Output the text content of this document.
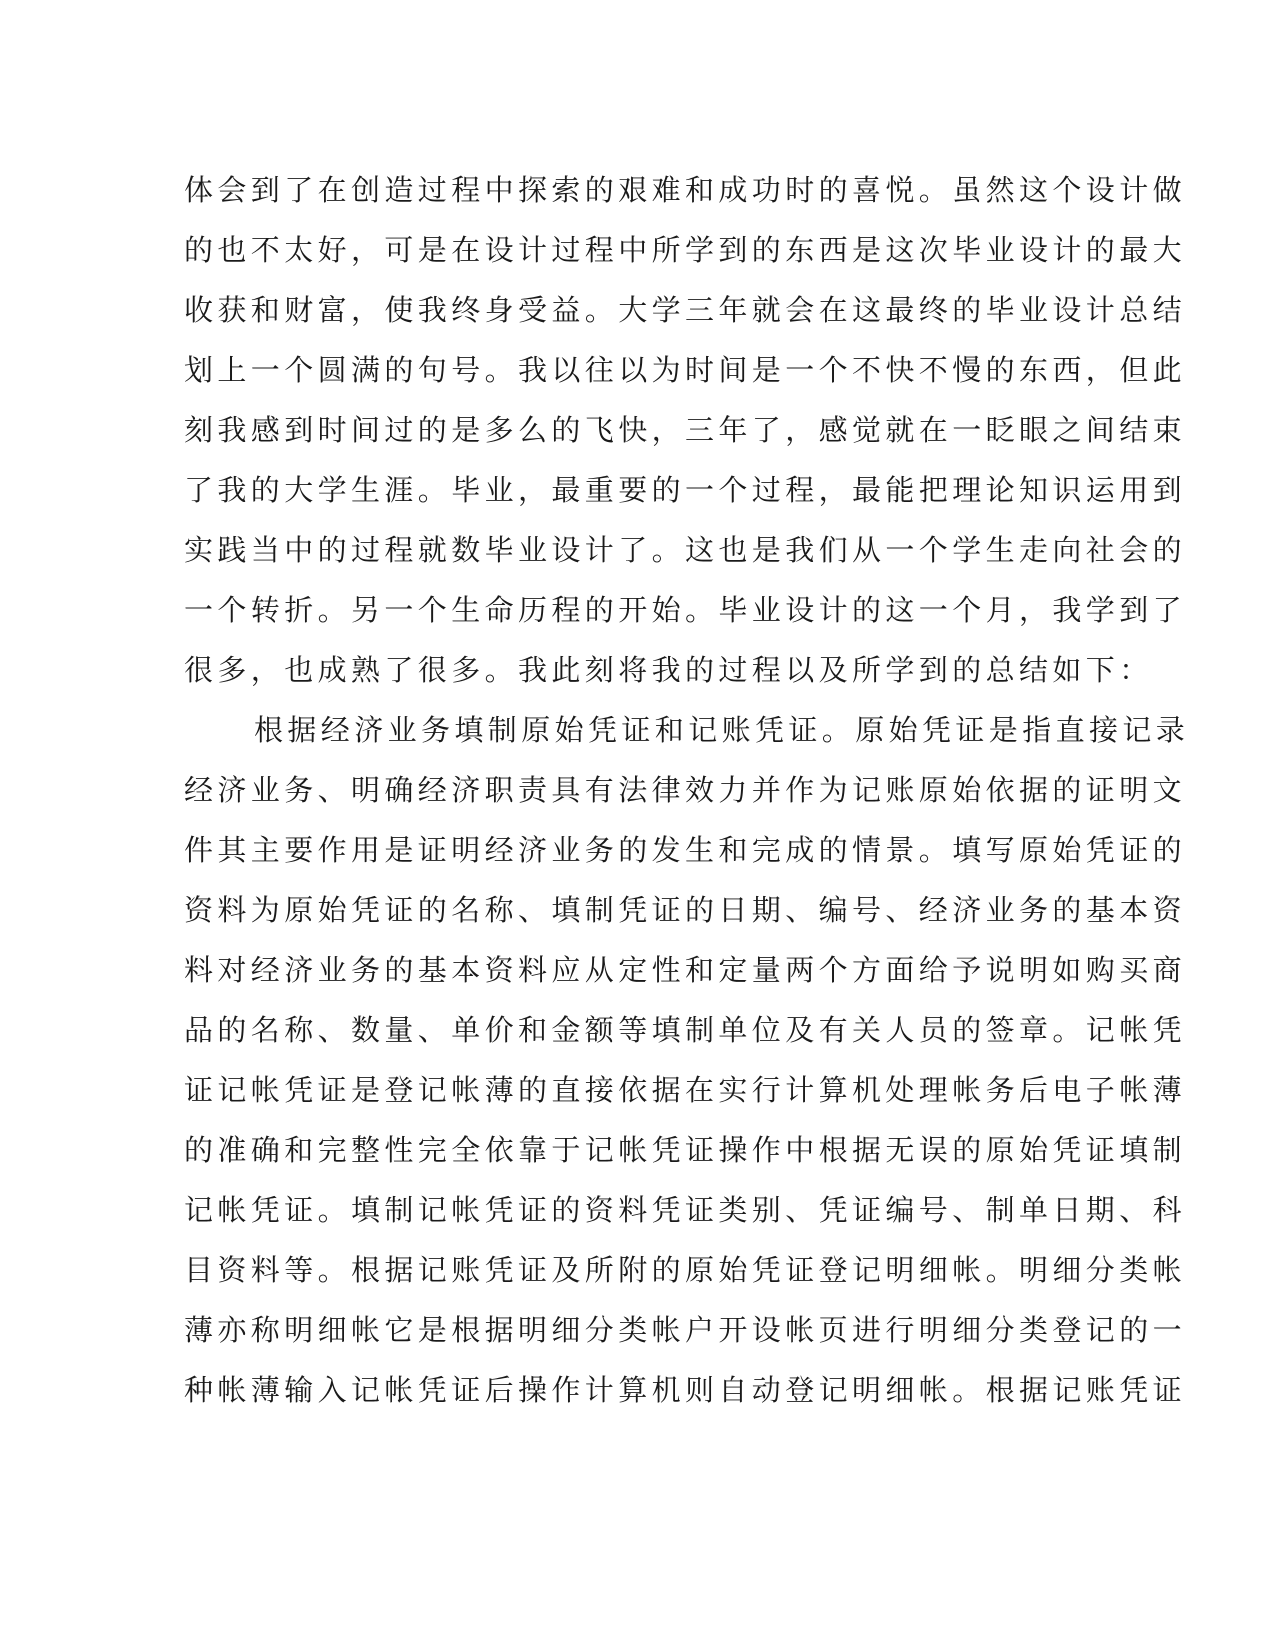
体会到了在创造过程中探索的艰难和成功时的喜悦。虽然这个设计做
的也不太好，可是在设计过程中所学到的东西是这次毕业设计的最大
收获和财富，使我终身受益。大学三年就会在这最终的毕业设计总结
划上一个圆满的句号。我以往以为时间是一个不快不慢的东西，但此
刻我感到时间过的是多么的飞快，三年了，感觉就在一眨眼之间结束
了我的大学生涯。毕业，最重要的一个过程，最能把理论知识运用到
实践当中的过程就数毕业设计了。这也是我们从一个学生走向社会的
一个转折。另一个生命历程的开始。毕业设计的这一个月，我学到了
很多，也成熟了很多。我此刻将我的过程以及所学到的总结如下：
根据经济业务填制原始凭证和记账凭证。原始凭证是指直接记录
经济业务、明确经济职责具有法律效力并作为记账原始依据的证明文
件其主要作用是证明经济业务的发生和完成的情景。填写原始凭证的
资料为原始凭证的名称、填制凭证的日期、编号、经济业务的基本资
料对经济业务的基本资料应从定性和定量两个方面给予说明如购买商
品的名称、数量、单价和金额等填制单位及有关人员的签章。记帐凭
证记帐凭证是登记帐薄的直接依据在实行计算机处理帐务后电子帐薄
的准确和完整性完全依靠于记帐凭证操作中根据无误的原始凭证填制
记帐凭证。填制记帐凭证的资料凭证类别、凭证编号、制单日期、科
目资料等。根据记账凭证及所附的原始凭证登记明细帐。明细分类帐
薄亦称明细帐它是根据明细分类帐户开设帐页进行明细分类登记的一
种帐薄输入记帐凭证后操作计算机则自动登记明细帐。根据记账凭证
